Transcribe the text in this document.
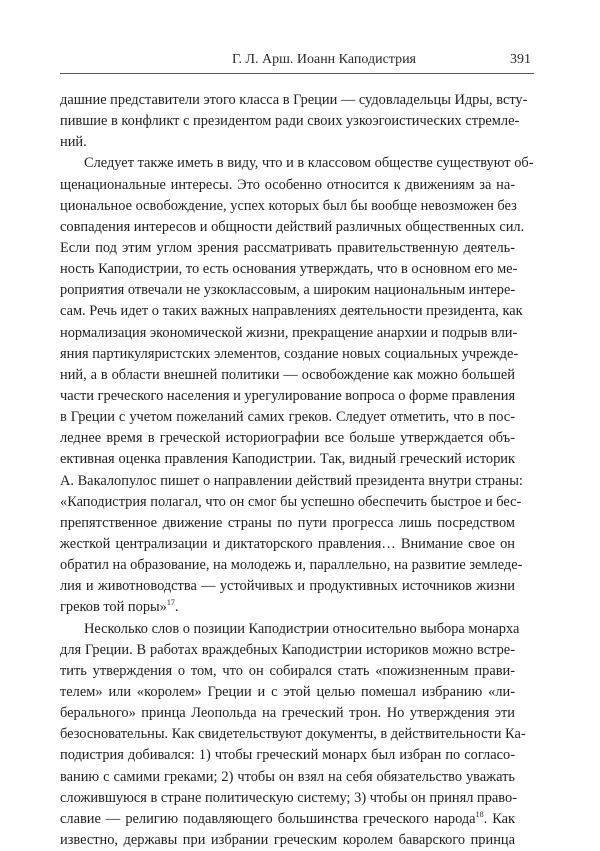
Г. Л. Арш. Иоанн Каподистрия	391
дашние представители этого класса в Греции — судовладельцы Идры, всту-
пившие в конфликт с президентом ради своих узкоэгоистических стремле-
ний.
Следует также иметь в виду, что и в классовом обществе существуют об-
щенациональные интересы. Это особенно относится к движениям за на-
циональное освобождение, успех которых был бы вообще невозможен без
совпадения интересов и общности действий различных общественных сил.
Если под этим углом зрения рассматривать правительственную деятель-
ность Каподистрии, то есть основания утверждать, что в основном его ме-
роприятия отвечали не узкоклассовым, а широким национальным интере-
сам. Речь идет о таких важных направлениях деятельности президента, как
нормализация экономической жизни, прекращение анархии и подрыв вли-
яния партикуляристских элементов, создание новых социальных учрежде-
ний, а в области внешней политики — освобождение как можно большей
части греческого населения и урегулирование вопроса о форме правления
в Греции с учетом пожеланий самих греков. Следует отметить, что в пос-
леднее время в греческой историографии все больше утверждается объ-
ективная оценка правления Каподистрии. Так, видный греческий историк
А. Вакалопулос пишет о направлении действий президента внутри страны:
«Каподистрия полагал, что он смог бы успешно обеспечить быстрое и бес-
препятственное движение страны по пути прогресса лишь посредством
жесткой централизации и диктаторского правления… Внимание свое он
обратил на образование, на молодежь и, параллельно, на развитие земледе-
лия и животноводства — устойчивых и продуктивных источников жизни
греков той поры»$^{17}$.
Несколько слов о позиции Каподистрии относительно выбора монарха
для Греции. В работах враждебных Каподистрии историков можно встре-
тить утверждения о том, что он собирался стать «пожизненным прави-
телем» или «королем» Греции и с этой целью помешал избранию «ли-
берального» принца Леопольда на греческий трон. Но утверждения эти
безосновательны. Как свидетельствуют документы, в действительности Ка-
подистрия добивался: 1) чтобы греческий монарх был избран по согласо-
ванию с самими греками; 2) чтобы он взял на себя обязательство уважать
сложившуюся в стране политическую систему; 3) чтобы он принял право-
славие — религию подавляющего большинства греческого народа$^{18}$. Как
известно, державы при избрании греческим королем баварского принца
